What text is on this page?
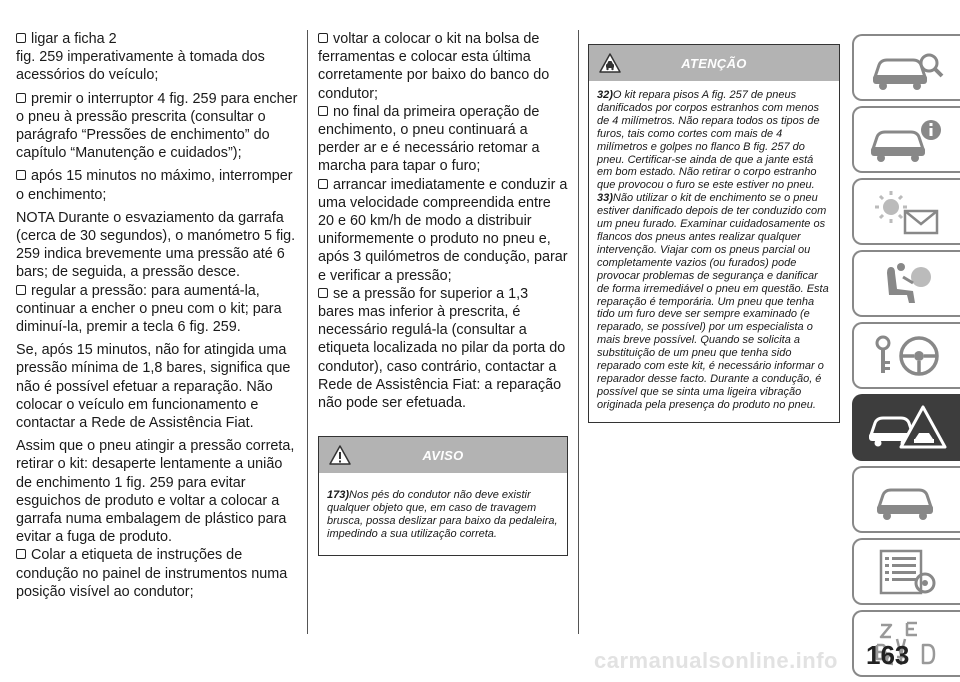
ligar a ficha 2

fig. 259 imperativamente à tomada dos acessórios do veículo;

premir o interruptor 4 fig. 259 para encher o pneu à pressão prescrita (consultar o parágrafo “Pressões de enchimento” do capítulo “Manutenção e cuidados”);

após 15 minutos no máximo, interromper o enchimento;

NOTA Durante o esvaziamento da garrafa (cerca de 30 segundos), o manómetro 5 fig. 259 indica brevemente uma pressão até 6 bars; de seguida, a pressão desce.

regular a pressão: para aumentá-la, continuar a encher o pneu com o kit; para diminuí-la, premir a tecla 6 fig. 259.

Se, após 15 minutos, não for atingida uma pressão mínima de 1,8 bares, significa que não é possível efetuar a reparação. Não colocar o veículo em funcionamento e contactar a Rede de Assistência Fiat.

Assim que o pneu atingir a pressão correta, retirar o kit: desaperte lentamente a união de enchimento 1 fig. 259 para evitar esguichos de produto e voltar a colocar a garrafa numa embalagem de plástico para evitar a fuga de produto.

Colar a etiqueta de instruções de condução no painel de instrumentos numa posição visível ao condutor;

voltar a colocar o kit na bolsa de ferramentas e colocar esta última corretamente por baixo do banco do condutor;

no final da primeira operação de enchimento, o pneu continuará a perder ar e é necessário retomar a marcha para tapar o furo;

arrancar imediatamente e conduzir a uma velocidade compreendida entre 20 e 60 km/h de modo a distribuir uniformemente o produto no pneu e, após 3 quilómetros de condução, parar e verificar a pressão;

se a pressão for superior a 1,3 bares mas inferior à prescrita, é necessário regulá-la (consultar a etiqueta localizada no pilar da porta do condutor), caso contrário, contactar a Rede de Assistência Fiat: a reparação não pode ser efetuada.

AVISO

173)Nos pés do condutor não deve existir qualquer objeto que, em caso de travagem brusca, possa deslizar para baixo da pedaleira, impedindo a sua utilização correta.

ATENÇÃO

32)O kit repara pisos A fig. 257 de pneus danificados por corpos estranhos com menos de 4 milímetros. Não repara todos os tipos de furos, tais como cortes com mais de 4 milímetros e golpes no flanco B fig. 257 do pneu. Certificar-se ainda de que a jante está em bom estado. Não retirar o corpo estranho que provocou o furo se este estiver no pneu.

33)Não utilizar o kit de enchimento se o pneu estiver danificado depois de ter conduzido com um pneu furado. Examinar cuidadosamente os flancos dos pneus antes realizar qualquer intervenção. Viajar com os pneus parcial ou completamente vazios (ou furados) pode provocar problemas de segurança e danificar de forma irremediável o pneu em questão. Esta reparação é temporária. Um pneu que tenha tido um furo deve ser sempre examinado (e reparado, se possível) por um especialista o mais breve possível. Quando se solicita a substituição de um pneu que tenha sido reparado com este kit, é necessário informar o reparador desse facto. Durante a condução, é possível que se sinta uma ligeira vibração originada pela presença do produto no pneu.

163
carmanualsonline.info
